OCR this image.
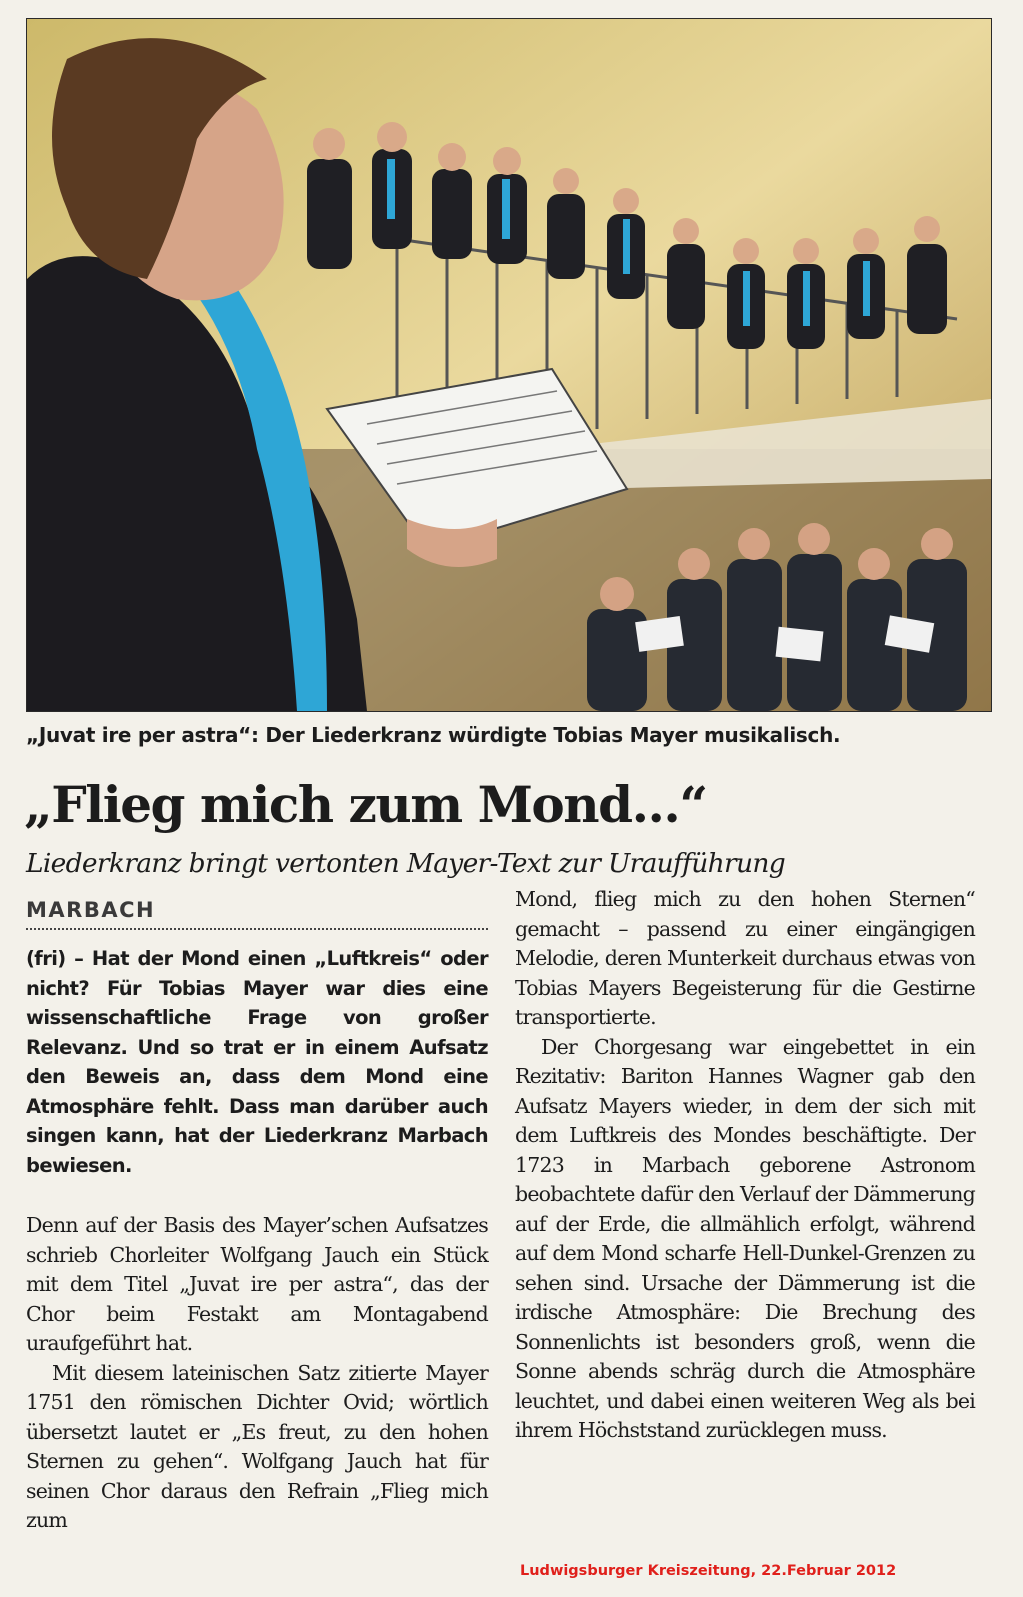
„Juvat ire per astra“: Der Liederkranz würdigte Tobias Mayer musikalisch.
„Flieg mich zum Mond...“
Liederkranz bringt vertonten Mayer-Text zur Uraufführung
MARBACH

(fri) – Hat der Mond einen „Luftkreis“ oder nicht? Für Tobias Mayer war dies eine wissenschaftliche Frage von großer Relevanz. Und so trat er in einem Aufsatz den Beweis an, dass dem Mond eine Atmosphäre fehlt. Dass man darüber auch singen kann, hat der Liederkranz Marbach bewiesen.

Denn auf der Basis des Mayer’schen Aufsatzes schrieb Chorleiter Wolfgang Jauch ein Stück mit dem Titel „Juvat ire per astra“, das der Chor beim Festakt am Montagabend uraufgeführt hat.

Mit diesem lateinischen Satz zitierte Mayer 1751 den römischen Dichter Ovid; wörtlich übersetzt lautet er „Es freut, zu den hohen Sternen zu gehen“. Wolfgang Jauch hat für seinen Chor daraus den Refrain „Flieg mich zum

Mond, flieg mich zu den hohen Sternen“ gemacht – passend zu einer eingängigen Melodie, deren Munterkeit durchaus etwas von Tobias Mayers Begeisterung für die Gestirne transportierte.

Der Chorgesang war eingebettet in ein Rezitativ: Bariton Hannes Wagner gab den Aufsatz Mayers wieder, in dem der sich mit dem Luftkreis des Mondes beschäftigte. Der 1723 in Marbach geborene Astronom beobachtete dafür den Verlauf der Dämmerung auf der Erde, die allmählich erfolgt, während auf dem Mond scharfe Hell-Dunkel-Grenzen zu sehen sind. Ursache der Dämmerung ist die irdische Atmosphäre: Die Brechung des Sonnenlichts ist besonders groß, wenn die Sonne abends schräg durch die Atmosphäre leuchtet, und dabei einen weiteren Weg als bei ihrem Höchststand zurücklegen muss.

Ludwigsburger Kreiszeitung, 22.Februar 2012
